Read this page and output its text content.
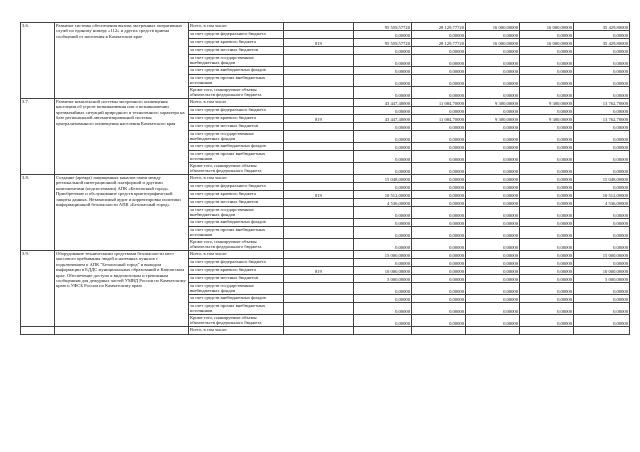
3.6.	Развитие системы обеспечения вызова экстренных оперативных служб по единому номеру «112» и других средств приема сообщений от населения в Камчатском крае	Всего, в том числе:		95 559,57720	28 129,77720	16 000,00000	16 000,00000	35 429,80000
		за счет средств федерального бюджета		0,00000	0,00000	0,00000	0,00000	0,00000
		за счет средств краевого бюджета	819	95 559,57720	28 129,77720	16 000,00000	16 000,00000	35 429,80000
		за счет средств местных бюджетов		0,00000	0,00000	0,00000	0,00000	0,00000
		за счет средств государственных внебюджетных фондов		0,00000	0,00000	0,00000	0,00000	0,00000
		за счет средств внебюджетных фондов		0,00000	0,00000	0,00000	0,00000	0,00000
		за счет средств прочих внебюджетных источников		0,00000	0,00000	0,00000	0,00000	0,00000
		Кроме того, планируемые объемы обязательств федерального бюджета		0,00000	0,00000	0,00000	0,00000	0,00000
3.7.	Развитие комплексной системы экстренного оповещения населения об угрозе возникновения или о возникновении чрезвычайных ситуаций природного и техногенного характера на базе региональной автоматизированной системы централизованного оповещения населения Камчатского края	Всего, в том числе		43 447,40000	11 084,70000	9 300,00000	9 300,00000	13 762,70000
		за счет средств федерального бюджета		0,00000	0,00000	0,00000	0,00000	0,00000
		за счет средств краевого бюджета	819	43 447,40000	11 084,70000	9 300,00000	9 300,00000	13 762,70000
		за счет средств местных бюджетов		0,00000	0,00000	0,00000	0,00000	0,00000
		за счет средств государственных внебюджетных фондов		0,00000	0,00000	0,00000	0,00000	0,00000
		за счет средств внебюджетных фондов		0,00000	0,00000	0,00000	0,00000	0,00000
		за счет средств прочих внебюджетных источников		0,00000	0,00000	0,00000	0,00000	0,00000
		Кроме того, планируемые объемы обязательств федерального бюджета		0,00000	0,00000	0,00000	0,00000	0,00000
3.8.	Создание (аренда) защищенных каналов связи между региональной интеграционной платформой и другими компонентами (подсистемами) АПК «Безопасный город». Приобретение и обслуживание средств криптографической защиты данных. Независимый аудит и корректировка политики информационной безопасности АПК «Безопасный город»	Всего, в том числе:		15 048,00000	0,00000	0,00000	0,00000	15 048,00000
		за счет средств федерального бюджета		0,00000	0,00000	0,00000	0,00000	0,00000
		за счет средств краевого бюджета	819	10 512,00000	0,00000	0,00000	0,00000	10 512,00000
		за счет средств местных бюджетов		4 536,00000	0,00000	0,00000	0,00000	4 536,00000
		за счет средств государственных внебюджетных фондов		0,00000	0,00000	0,00000	0,00000	0,00000
		за счет средств внебюджетных фондов		0,00000	0,00000	0,00000	0,00000	0,00000
		за счет средств прочих внебюджетных источников		0,00000	0,00000	0,00000	0,00000	0,00000
		Кроме того, планируемые объемы обязательств федерального бюджета		0,00000	0,00000	0,00000	0,00000	0,00000
3.9.	Оборудование техническими средствами безопасности мест массового пребывания людей и наземных пунктов с подключением к АПК "Безопасный город" и выводом информации в ЕДДС муниципальных образований в Камчатском крае. Обеспечение доступа к видеопотокам и тревожным сообщениям для дежурных частей УМВД России по Камчатскому краю и УФСБ России по Камчатскому краю	Всего, в том числе:		15 000,00000	0,00000	0,00000	0,00000	15 000,00000
		за счет средств федерального бюджета		0,00000	0,00000	0,00000	0,00000	0,00000
		за счет средств краевого бюджета	819	10 000,00000	0,00000	0,00000	0,00000	10 000,00000
		за счет средств местных бюджетов		5 000,00000	0,00000	0,00000	0,00000	5 000,00000
		за счет средств государственных внебюджетных фондов		0,00000	0,00000	0,00000	0,00000	0,00000
		за счет средств внебюджетных фондов		0,00000	0,00000	0,00000	0,00000	0,00000
		за счет средств прочих внебюджетных источников		0,00000	0,00000	0,00000	0,00000	0,00000
		Кроме того, планируемые объемы обязательств федерального бюджета		0,00000	0,00000	0,00000	0,00000	0,00000
		Всего, в том числе:						
